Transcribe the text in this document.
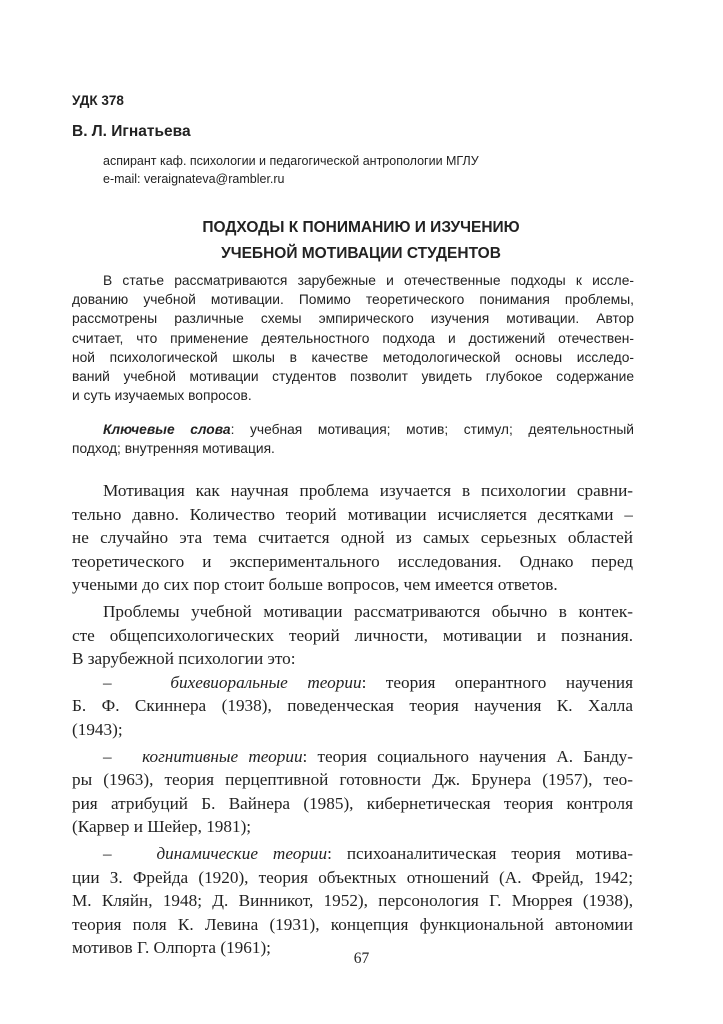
УДК 378
В. Л. Игнатьева
аспирант каф. психологии и педагогической антропологии МГЛУ
e-mail: veraignateva@rambler.ru
ПОДХОДЫ К ПОНИМАНИЮ И ИЗУЧЕНИЮ
УЧЕБНОЙ МОТИВАЦИИ СТУДЕНТОВ
В статье рассматриваются зарубежные и отечественные подходы к иссле-
дованию учебной мотивации. Помимо теоретического понимания проблемы,
рассмотрены различные схемы эмпирического изучения мотивации. Автор
считает, что применение деятельностного подхода и достижений отечествен-
ной психологической школы в качестве методологической основы исследо-
ваний учебной мотивации студентов позволит увидеть глубокое содержание
и суть изучаемых вопросов.
Ключевые слова: учебная мотивация; мотив; стимул; деятельностный
подход; внутренняя мотивация.
Мотивация как научная проблема изучается в психологии сравни-
тельно давно. Количество теорий мотивации исчисляется десятками –
не случайно эта тема считается одной из самых серьезных областей
теоретического и экспериментального исследования. Однако перед
учеными до сих пор стоит больше вопросов, чем имеется ответов.
Проблемы учебной мотивации рассматриваются обычно в контек-
сте общепсихологических теорий личности, мотивации и познания.
В зарубежной психологии это:
–	бихевиоральные теории: теория оперантного научения
Б. Ф. Скиннера (1938), поведенческая теория научения К. Халла
(1943);
– когнитивные теории: теория социального научения А. Банду-
ры (1963), теория перцептивной готовности Дж. Брунера (1957), тео-
рия атрибуций Б. Вайнера (1985), кибернетическая теория контроля
(Карвер и Шейер, 1981);
–	динамические теории: психоаналитическая теория мотива-
ции З. Фрейда (1920), теория объектных отношений (А. Фрейд, 1942;
М. Кляйн, 1948; Д. Винникот, 1952), персонология Г. Мюррея (1938),
теория поля К. Левина (1931), концепция функциональной автономии
мотивов Г. Олпорта (1961);
67
